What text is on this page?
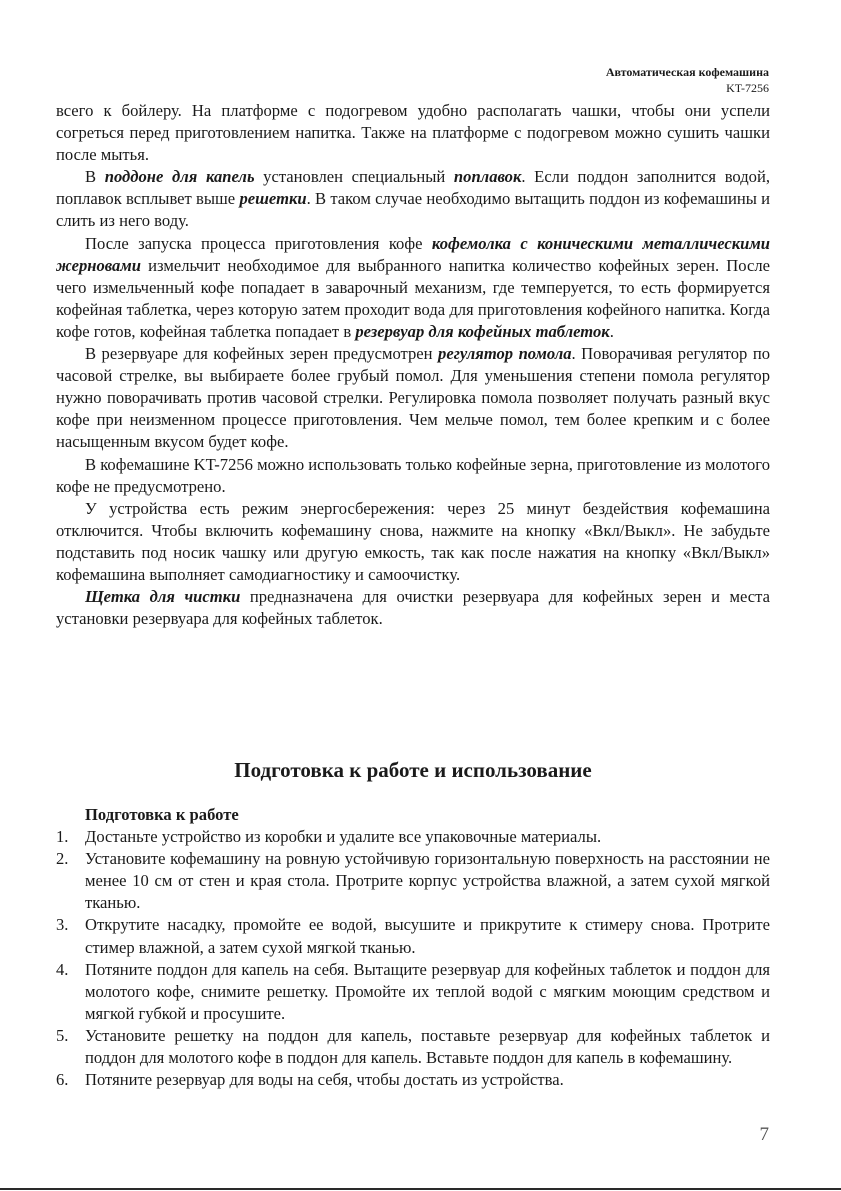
Автоматическая кофемашина
KT-7256

всего к бойлеру. На платформе с подогревом удобно располагать чашки, чтобы они успели согреться перед приготовлением напитка. Также на платформе с подогревом можно сушить чашки после мытья.

В поддоне для капель установлен специальный поплавок. Если поддон заполнится водой, поплавок всплывет выше решетки. В таком случае необходимо вытащить поддон из кофемашины и слить из него воду.

После запуска процесса приготовления кофе кофемолка с коническими металлическими жерновами измельчит необходимое для выбранного напитка количество кофейных зерен. После чего измельченный кофе попадает в заварочный механизм, где темперуется, то есть формируется кофейная таблетка, через которую затем проходит вода для приготовления кофейного напитка. Когда кофе готов, кофейная таблетка попадает в резервуар для кофейных таблеток.

В резервуаре для кофейных зерен предусмотрен регулятор помола. Поворачивая регулятор по часовой стрелке, вы выбираете более грубый помол. Для уменьшения степени помола регулятор нужно поворачивать против часовой стрелки. Регулировка помола позволяет получать разный вкус кофе при неизменном процессе приготовления. Чем мельче помол, тем более крепким и с более насыщенным вкусом будет кофе.

В кофемашине KT-7256 можно использовать только кофейные зерна, приготовление из молотого кофе не предусмотрено.

У устройства есть режим энергосбережения: через 25 минут бездействия кофемашина отключится. Чтобы включить кофемашину снова, нажмите на кнопку «Вкл/Выкл». Не забудьте подставить под носик чашку или другую емкость, так как после нажатия на кнопку «Вкл/Выкл» кофемашина выполняет самодиагностику и самоочистку.

Щетка для чистки предназначена для очистки резервуара для кофейных зерен и места установки резервуара для кофейных таблеток.

Подготовка к работе и использование
Подготовка к работе
1. Достаньте устройство из коробки и удалите все упаковочные материалы.
2. Установите кофемашину на ровную устойчивую горизонтальную поверхность на расстоянии не менее 10 см от стен и края стола. Протрите корпус устройства влажной, а затем сухой мягкой тканью.
3. Открутите насадку, промойте ее водой, высушите и прикрутите к стимеру снова. Протрите стимер влажной, а затем сухой мягкой тканью.
4. Потяните поддон для капель на себя. Вытащите резервуар для кофейных таблеток и поддон для молотого кофе, снимите решетку. Промойте их теплой водой с мягким моющим средством и мягкой губкой и просушите.
5. Установите решетку на поддон для капель, поставьте резервуар для кофейных таблеток и поддон для молотого кофе в поддон для капель. Вставьте поддон для капель в кофемашину.
6. Потяните резервуар для воды на себя, чтобы достать из устройства.
7
